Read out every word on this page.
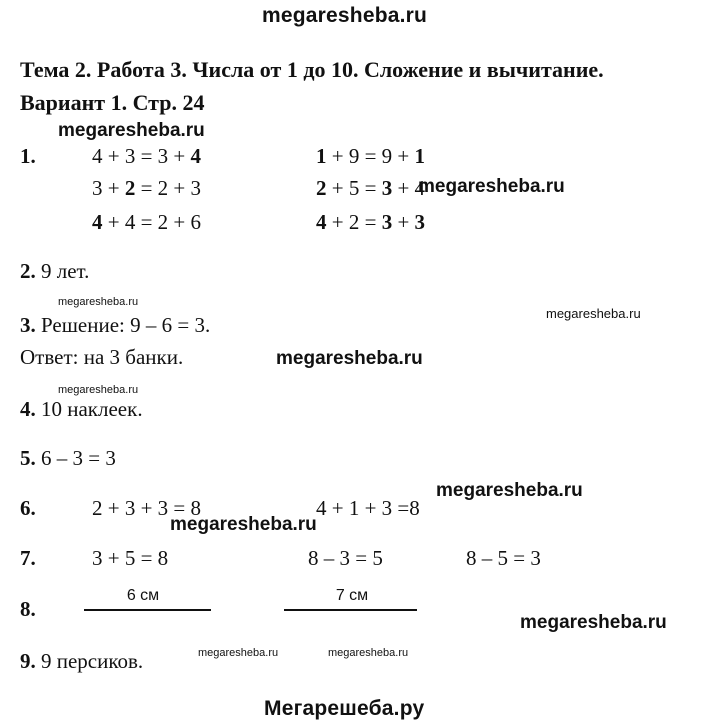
megaresheba.ru
megaresheba.ru
megaresheba.ru
megaresheba.ru
megaresheba.ru
megaresheba.ru
megaresheba.ru
megaresheba.ru
megaresheba.ru
megaresheba.ru
megaresheba.ru	megaresheba.ru
Мегарешеба.ру
Тема 2. Работа 3. Числа от 1 до 10. Сложение и вычитание.
Вариант 1. Стр. 24
1.	4 + 3 = 3 + 4	1 + 9 = 9 + 1
3 + 2 = 2 + 3	2 + 5 = 3 + 4
4 + 4 = 2 + 6	4 + 2 = 3 + 3
2. 9 лет.
3. Решение: 9 – 6 = 3.
Ответ: на 3 банки.
4. 10 наклеек.
5. 6 – 3 = 3
6.	2 + 3 + 3 = 8	4 + 1 + 3 =8
7.	3 + 5 = 8	8 – 3 = 5	8 – 5 = 3
8.
6 см	7 см
9. 9 персиков.
